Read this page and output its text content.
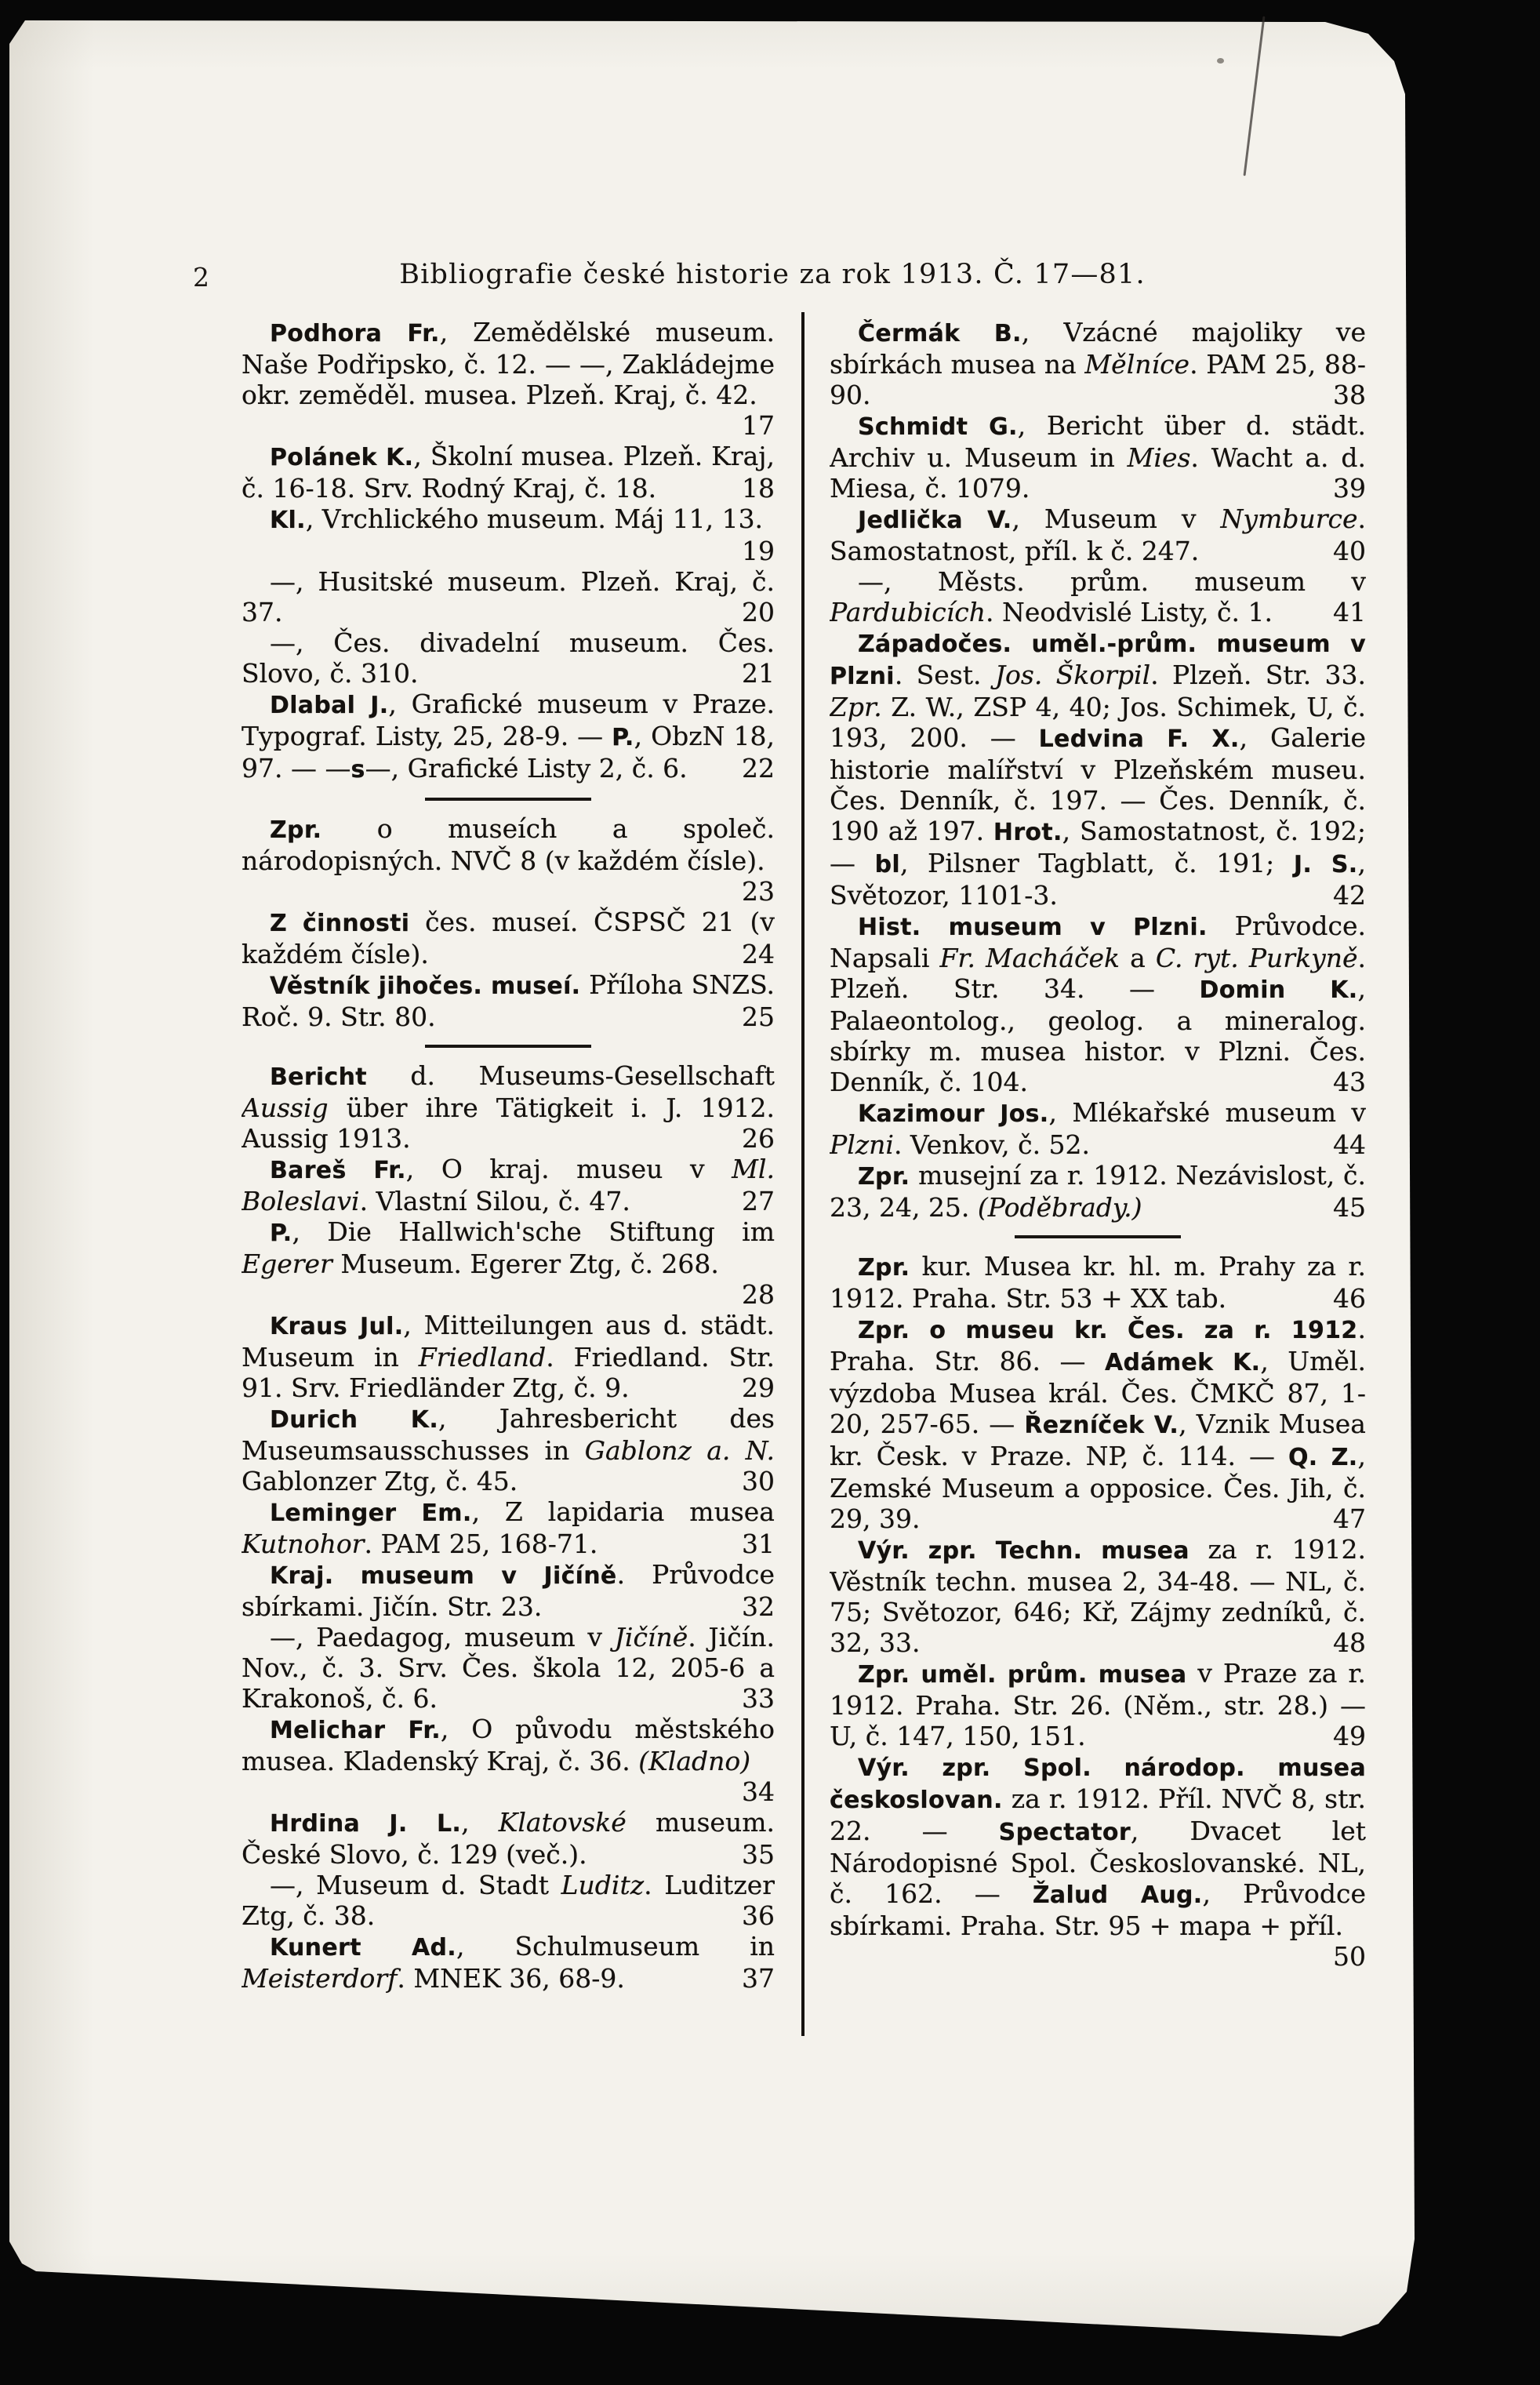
2	Bibliografie české historie za rok 1913. Č. 17—81.

Podhora Fr., Zemědělské museum. Naše Podřipsko, č. 12. — —, Zakládejme okr. zeměděl. musea. Plzeň. Kraj, č. 42.
17

Polánek K., Školní musea. Plzeň. Kraj, č. 16-18. Srv. Rodný Kraj, č. 18.	18

Kl., Vrchlického museum. Máj 11, 13.
19

—, Husitské museum. Plzeň. Kraj, č. 37.	20

—, Čes. divadelní museum. Čes. Slovo, č. 310.	21

Dlabal J., Grafické museum v Praze. Typograf. Listy, 25, 28-9. — P., ObzN 18, 97. — —s—, Grafické Listy 2, č. 6.	22

Zpr. o museích a společ. národopisných. NVČ 8 (v každém čísle).
23

Z činnosti čes. museí. ČSPSČ 21 (v každém čísle).	24

Věstník jihočes. museí. Příloha SNZS. Roč. 9. Str. 80.	25

Bericht d. Museums-Gesellschaft Aussig über ihre Tätigkeit i. J. 1912. Aussig 1913.	26

Bareš Fr., O kraj. museu v Ml. Boleslavi. Vlastní Silou, č. 47.	27

P., Die Hallwich'sche Stiftung im Egerer Museum. Egerer Ztg, č. 268.
28

Kraus Jul., Mitteilungen aus d. städt. Museum in Friedland. Friedland. Str. 91. Srv. Friedländer Ztg, č. 9.	29

Durich K., Jahresbericht des Museumsausschusses in Gablonz a. N. Gablonzer Ztg, č. 45.	30

Leminger Em., Z lapidaria musea Kutnohor. PAM 25, 168-71.	31

Kraj. museum v Jičíně. Průvodce sbírkami. Jičín. Str. 23.	32

—, Paedagog, museum v Jičíně. Jičín. Nov., č. 3. Srv. Čes. škola 12, 205-6 a Krakonoš, č. 6.	33

Melichar Fr., O původu městského musea. Kladenský Kraj, č. 36. (Kladno)
34

Hrdina J. L., Klatovské museum. České Slovo, č. 129 (več.).	35

—, Museum d. Stadt Luditz. Luditzer Ztg, č. 38.	36

Kunert Ad., Schulmuseum in Meisterdorf. MNEK 36, 68-9.	37

Čermák B., Vzácné majoliky ve sbírkách musea na Mělníce. PAM 25, 88-90.	38

Schmidt G., Bericht über d. städt. Archiv u. Museum in Mies. Wacht a. d. Miesa, č. 1079.	39

Jedlička V., Museum v Nymburce. Samostatnost, příl. k č. 247.	40

—, Městs. prům. museum v Pardubicích. Neodvislé Listy, č. 1.	41

Západočes. uměl.-prům. museum v Plzni. Sest. Jos. Škorpil. Plzeň. Str. 33. Zpr. Z. W., ZSP 4, 40; Jos. Schimek, U, č. 193, 200. — Ledvina F. X., Galerie historie malířství v Plzeňském museu. Čes. Denník, č. 197. — Čes. Denník, č. 190 až 197. Hrot., Samostatnost, č. 192; — bl, Pilsner Tagblatt, č. 191; J. S., Světozor, 1101-3.	42

Hist. museum v Plzni. Průvodce. Napsali Fr. Macháček a C. ryt. Purkyně. Plzeň. Str. 34. — Domin K., Palaeontolog., geolog. a mineralog. sbírky m. musea histor. v Plzni. Čes. Denník, č. 104.	43

Kazimour Jos., Mlékařské museum v Plzni. Venkov, č. 52.	44

Zpr. musejní za r. 1912. Nezávislost, č. 23, 24, 25. (Poděbrady.)	45

Zpr. kur. Musea kr. hl. m. Prahy za r. 1912. Praha. Str. 53 + XX tab.	46

Zpr. o museu kr. Čes. za r. 1912. Praha. Str. 86. — Adámek K., Uměl. výzdoba Musea král. Čes. ČMKČ 87, 1-20, 257-65. — Řezníček V., Vznik Musea kr. Česk. v Praze. NP, č. 114. — Q. Z., Zemské Museum a opposice. Čes. Jih, č. 29, 39.	47

Výr. zpr. Techn. musea za r. 1912. Věstník techn. musea 2, 34-48. — NL, č. 75; Světozor, 646; Kř, Zájmy zedníků, č. 32, 33.	48

Zpr. uměl. prům. musea v Praze za r. 1912. Praha. Str. 26. (Něm., str. 28.) — U, č. 147, 150, 151.	49

Výr. zpr. Spol. národop. musea českoslovan. za r. 1912. Příl. NVČ 8, str. 22. — Spectator, Dvacet let Národopisné Spol. Českoslovanské. NL, č. 162. — Žalud Aug., Průvodce sbírkami. Praha. Str. 95 + mapa + příl.
50
